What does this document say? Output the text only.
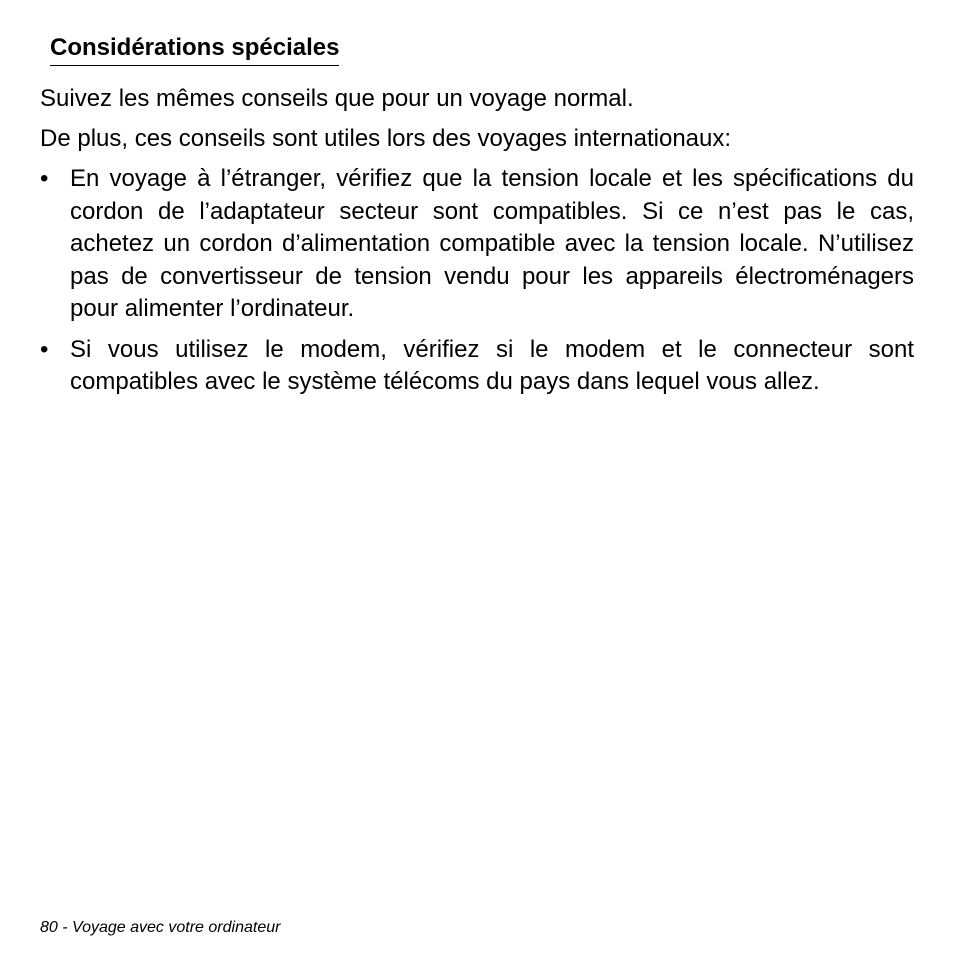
Considérations spéciales

Suivez les mêmes conseils que pour un voyage normal.

De plus, ces conseils sont utiles lors des voyages internationaux:

• En voyage à l’étranger, vérifiez que la tension locale et les spécifications du cordon de l’adaptateur secteur sont compatibles. Si ce n’est pas le cas, achetez un cordon d’alimentation compatible avec la tension locale. N’utilisez pas de convertisseur de tension vendu pour les appareils électroménagers pour alimenter l’ordinateur.
• Si vous utilisez le modem, vérifiez si le modem et le connecteur sont compatibles avec le système télécoms du pays dans lequel vous allez.

80 - Voyage avec votre ordinateur
